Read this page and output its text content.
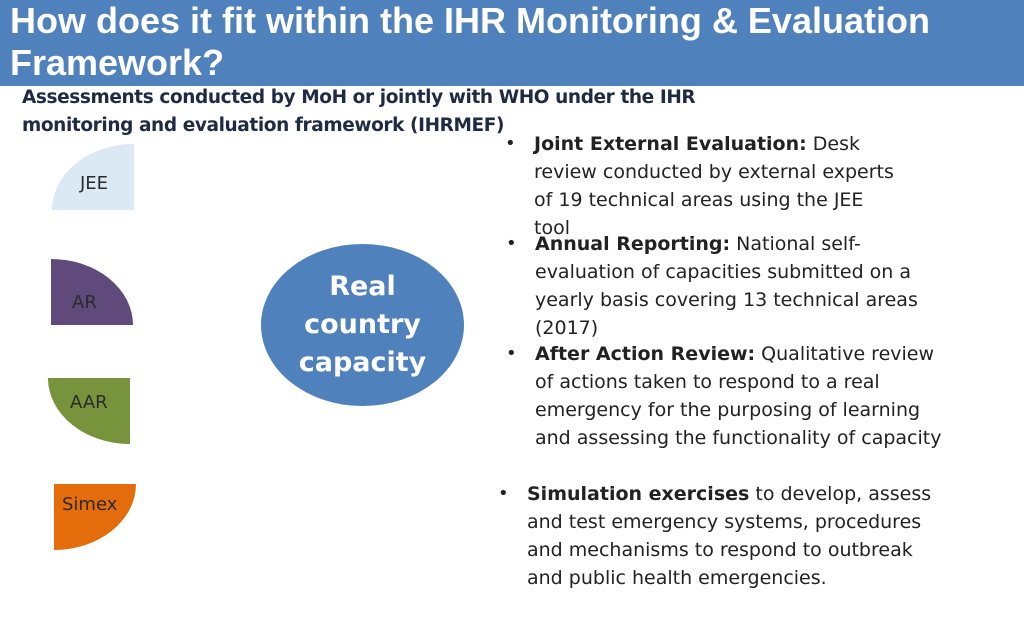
How does it fit within the IHR Monitoring & Evaluation Framework?
Assessments conducted by MoH or jointly with WHO under the IHR monitoring and evaluation framework (IHRMEF)
JEE
AR
AAR
Simex
Real country capacity
• Joint External Evaluation: Desk review conducted by external experts of 19 technical areas using the JEE tool
• Annual Reporting: National self-evaluation of capacities submitted on a yearly basis covering 13 technical areas (2017)
• After Action Review: Qualitative review of actions taken to respond to a real emergency for the purposing of learning and assessing the functionality of capacity
• Simulation exercises to develop, assess and test emergency systems, procedures and mechanisms to respond to outbreak and public health emergencies.
